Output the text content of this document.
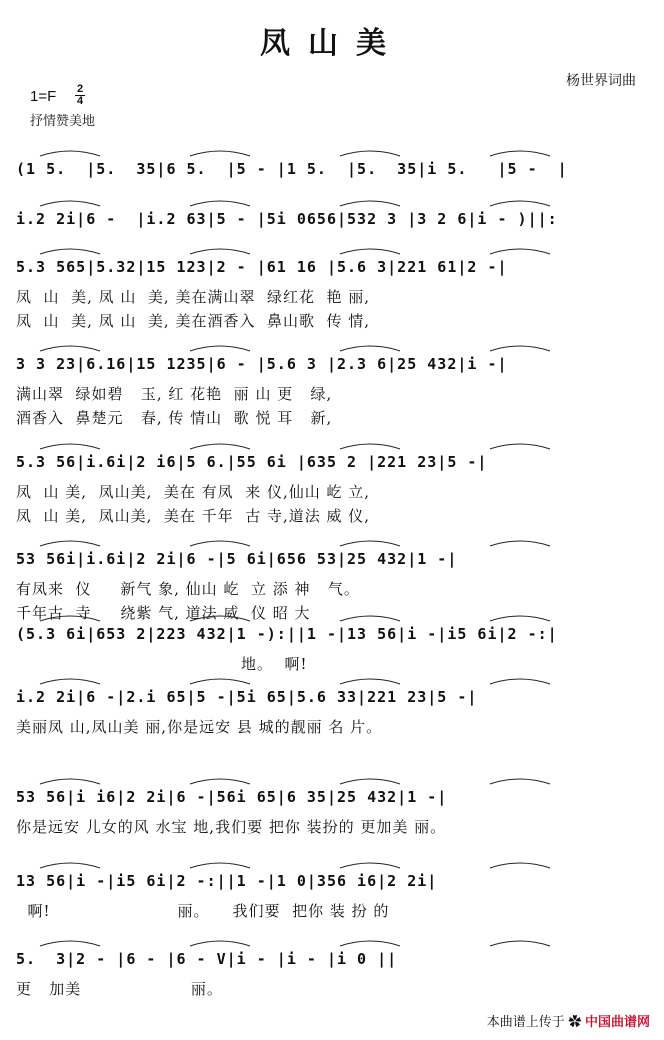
凤山美
杨世界词曲
1=F 2
4
抒情赞美地
(1 5.  |5.  35|6 5.  |5 - |1 5.  |5.  35|i 5.   |5 -  |
i.2 2i|6 -  |i.2 63|5 - |5i 0656|532 3 |3 2 6|i - )||:
5.3 565|5.32|15 123|2 - |61 16 |5.6 3|221 61|2 -|
凤  山  美, 凤 山  美, 美在满山翠  绿红花  艳 丽,
凤  山  美, 凤 山  美, 美在酒香入  鼻山歌  传 情,
3 3 23|6.16|15 1235|6 - |5.6 3 |2.3 6|25 432|i -|
满山翠  绿如碧   玉, 红 花艳  丽 山 更   绿,
酒香入  鼻楚元   春, 传 情山  歌 悦 耳   新,
5.3 56|i.6i|2 i6|5 6.|55 6i |635 2 |221 23|5 -|
凤  山 美,  凤山美,  美在 有凤  来 仪,仙山 屹 立,
凤  山 美,  凤山美,  美在 千年  古 寺,道法 威 仪,
53 56i|i.6i|2 2i|6 -|5 6i|656 53|25 432|1 -|
有凤来  仪     新气 象, 仙山 屹  立 添 神   气。
千年古  寺     绕紫 气, 道法 威  仪 昭 大
(5.3 6i|653 2|223 432|1 -):||1 -|13 56|i -|i5 6i|2 -:|
地。  啊!
i.2 2i|6 -|2.i 65|5 -|5i 65|5.6 33|221 23|5 -|
美丽凤 山,凤山美 丽,你是远安 县 城的靓丽 名 片。
53 56|i i6|2 2i|6 -|56i 65|6 35|25 432|1 -|
你是远安 儿女的风 水宝 地,我们要 把你 装扮的 更加美 丽。
13 56|i -|i5 6i|2 -:||1 -|1 0|356 i6|2 2i|
啊!                      丽。    我们要  把你 装 扮 的
5.  3|2 - |6 - |6 - V|i - |i - |i 0 ||
更   加美                   丽。
本曲谱上传于 ✿ 中国曲谱网
